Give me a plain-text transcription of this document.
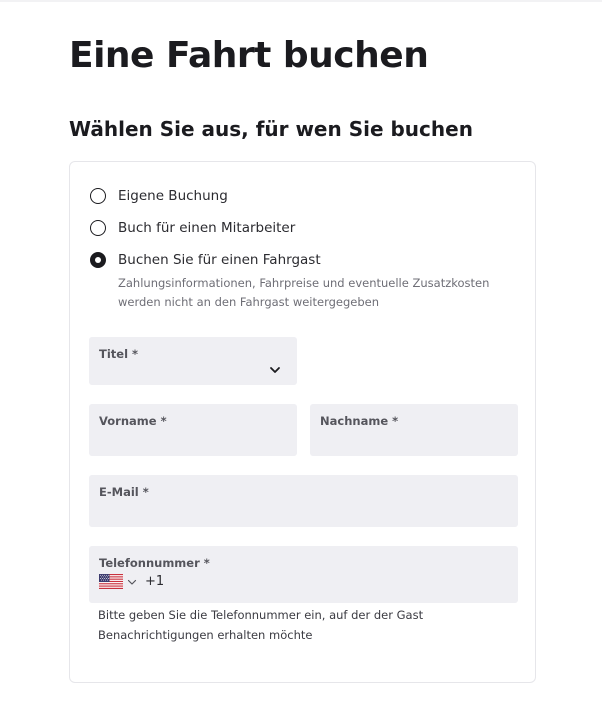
Eine Fahrt buchen
Wählen Sie aus, für wen Sie buchen
Eigene Buchung
Buch für einen Mitarbeiter
Buchen Sie für einen Fahrgast
Zahlungsinformationen, Fahrpreise und eventuelle Zusatzkosten werden nicht an den Fahrgast weitergegeben
Titel *
Vorname *	Nachname *
E-Mail *
Telefonnummer *
+1
Bitte geben Sie die Telefonnummer ein, auf der der Gast Benachrichtigungen erhalten möchte
